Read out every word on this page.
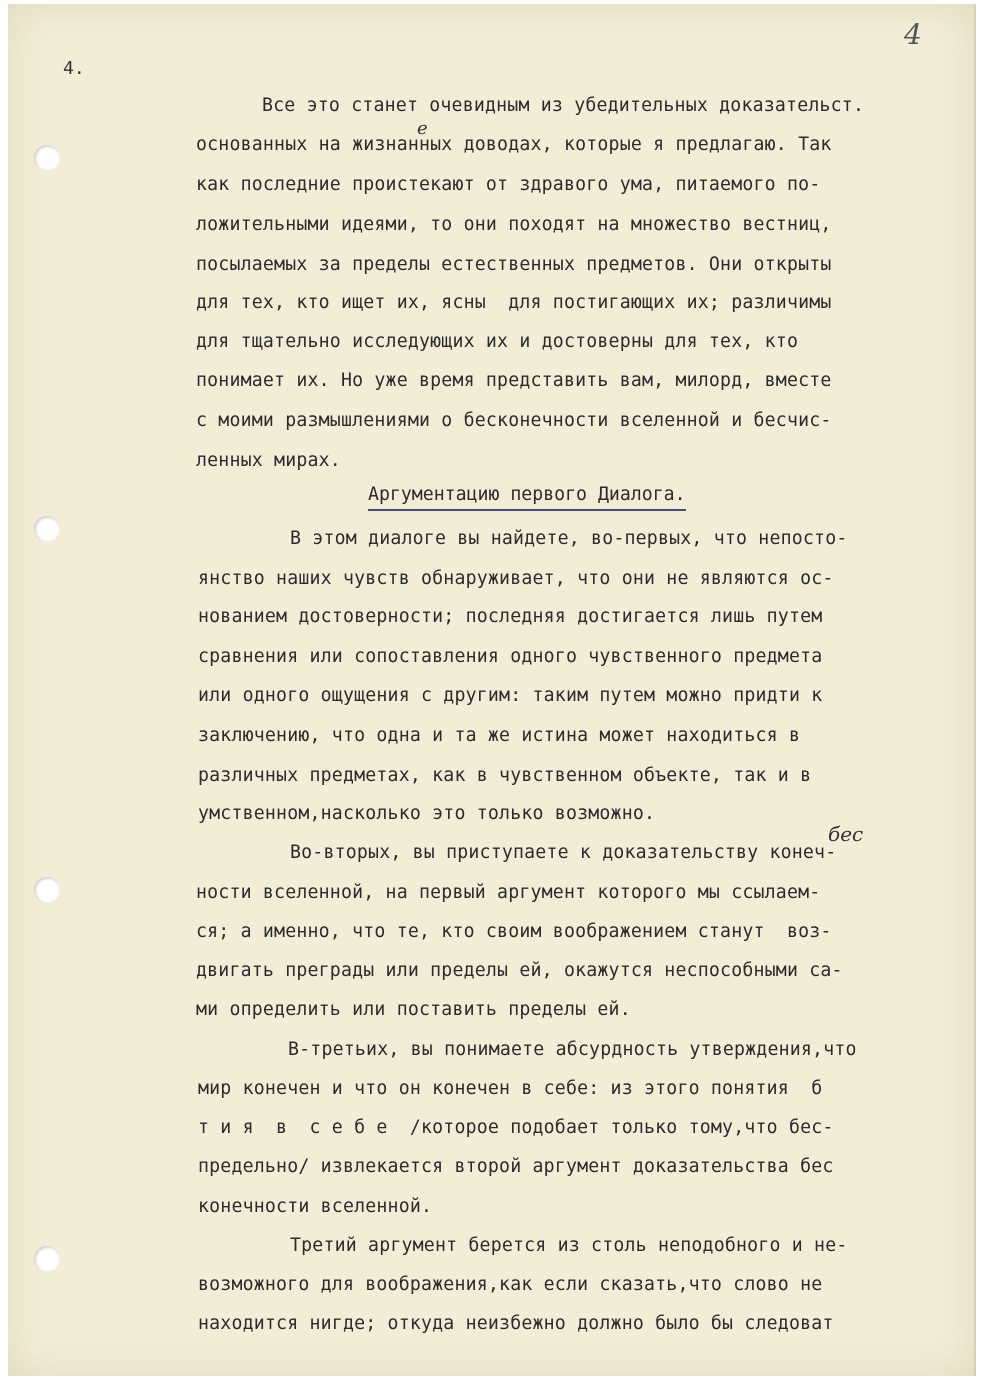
4.
4
е
бес
Все это станет очевидным из убедительных доказательст.
основанных на жизнанных доводах, которые я предлагаю. Так
как последние проистекают от здравого ума, питаемого по-
ложительными идеями, то они походят на множество вестниц,
посылаемых за пределы естественных предметов. Они открыты
для тех, кто ищет их, ясны  для постигающих их; различимы
для тщательно исследующих их и достоверны для тех, кто
понимает их. Но уже время представить вам, милорд, вместе
с моими размышлениями о бесконечности вселенной и бесчис-
ленных мирах.
Аргументацию первого Диалога.
В этом диалоге вы найдете, во-первых, что непосто-
янство наших чувств обнаруживает, что они не являются ос-
нованием достоверности; последняя достигается лишь путем
сравнения или сопоставления одного чувственного предмета
или одного ощущения с другим: таким путем можно придти к
заключению, что одна и та же истина может находиться в
различных предметах, как в чувственном объекте, так и в
умственном,насколько это только возможно.
Во-вторых, вы приступаете к доказательству конеч-
ности вселенной, на первый аргумент которого мы ссылаем-
ся; а именно, что те, кто своим воображением станут  воз-
двигать преграды или пределы ей, окажутся неспособными са-
ми определить или поставить пределы ей.
В-третьих, вы понимаете абсурдность утверждения,что
мир конечен и что он конечен в себе: из этого понятия  б
т и я  в  с е б е  /которое подобает только тому,что бес-
предельно/ извлекается второй аргумент доказательства бес
конечности вселенной.
Третий аргумент берется из столь неподобного и не-
возможного для воображения,как если сказать,что слово не
находится нигде; откуда неизбежно должно было бы следоват
